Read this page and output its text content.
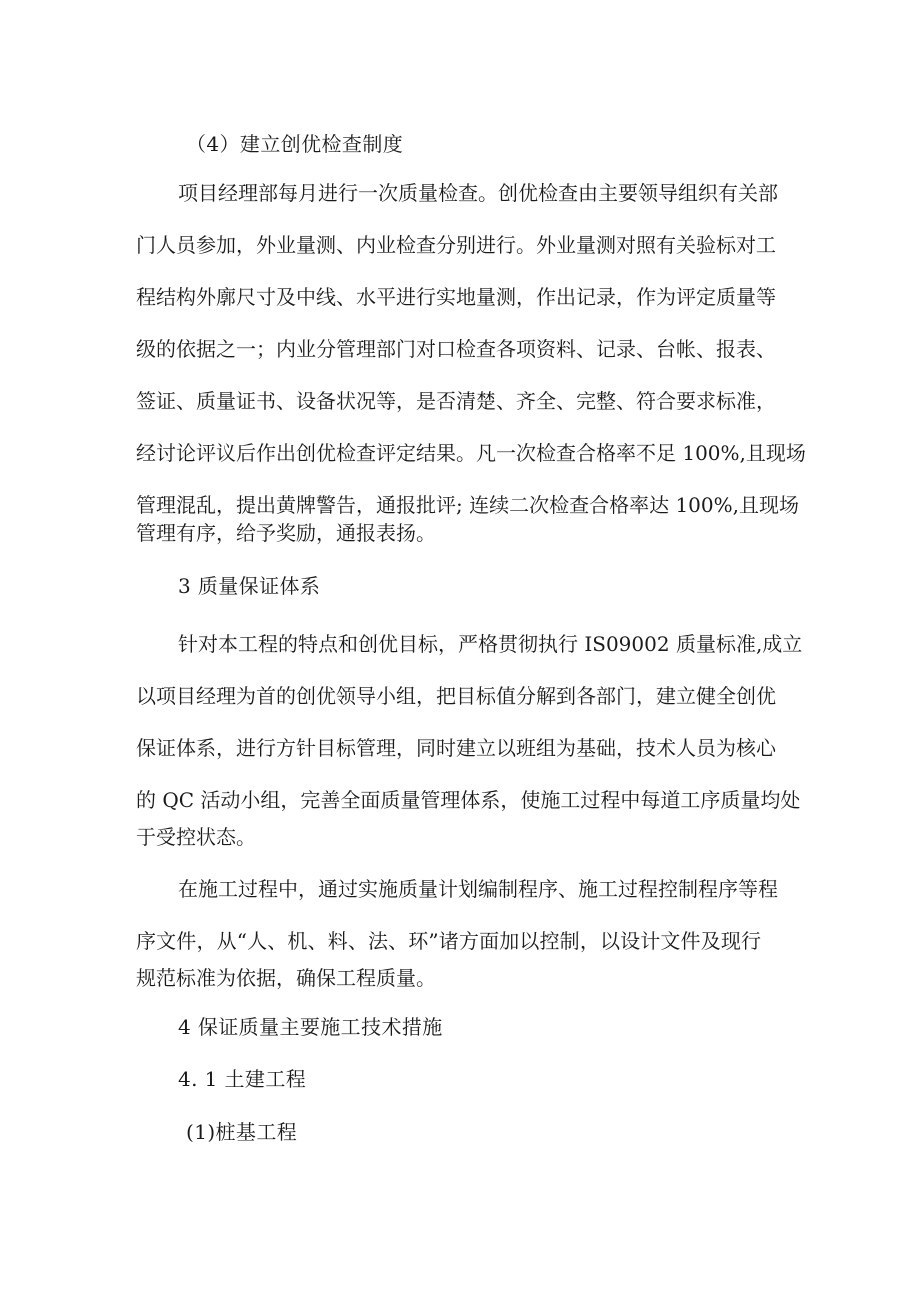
（4）建立创优检查制度
项目经理部每月进行一次质量检查。创优检查由主要领导组织有关部
门人员参加，外业量测、内业检查分别进行。外业量测对照有关验标对工
程结构外廓尺寸及中线、水平进行实地量测，作出记录，作为评定质量等
级的依据之一；内业分管理部门对口检查各项资料、记录、台帐、报表、
签证、质量证书、设备状况等，是否清楚、齐全、完整、符合要求标准，
经讨论评议后作出创优检查评定结果。凡一次检查合格率不足 100%,且现场
管理混乱，提出黄牌警告，通报批评; 连续二次检查合格率达 100%,且现场
管理有序，给予奖励，通报表扬。
3 质量保证体系
针对本工程的特点和创优目标，严格贯彻执行 IS09002 质量标准,成立
以项目经理为首的创优领导小组，把目标值分解到各部门，建立健全创优
保证体系，进行方针目标管理，同时建立以班组为基础，技术人员为核心
的 QC 活动小组，完善全面质量管理体系，使施工过程中每道工序质量均处
于受控状态。
在施工过程中，通过实施质量计划编制程序、施工过程控制程序等程
序文件，从“人、机、料、法、环”诸方面加以控制，以设计文件及现行
规范标准为依据，确保工程质量。
4 保证质量主要施工技术措施
4. 1 土建工程
(1)桩基工程
